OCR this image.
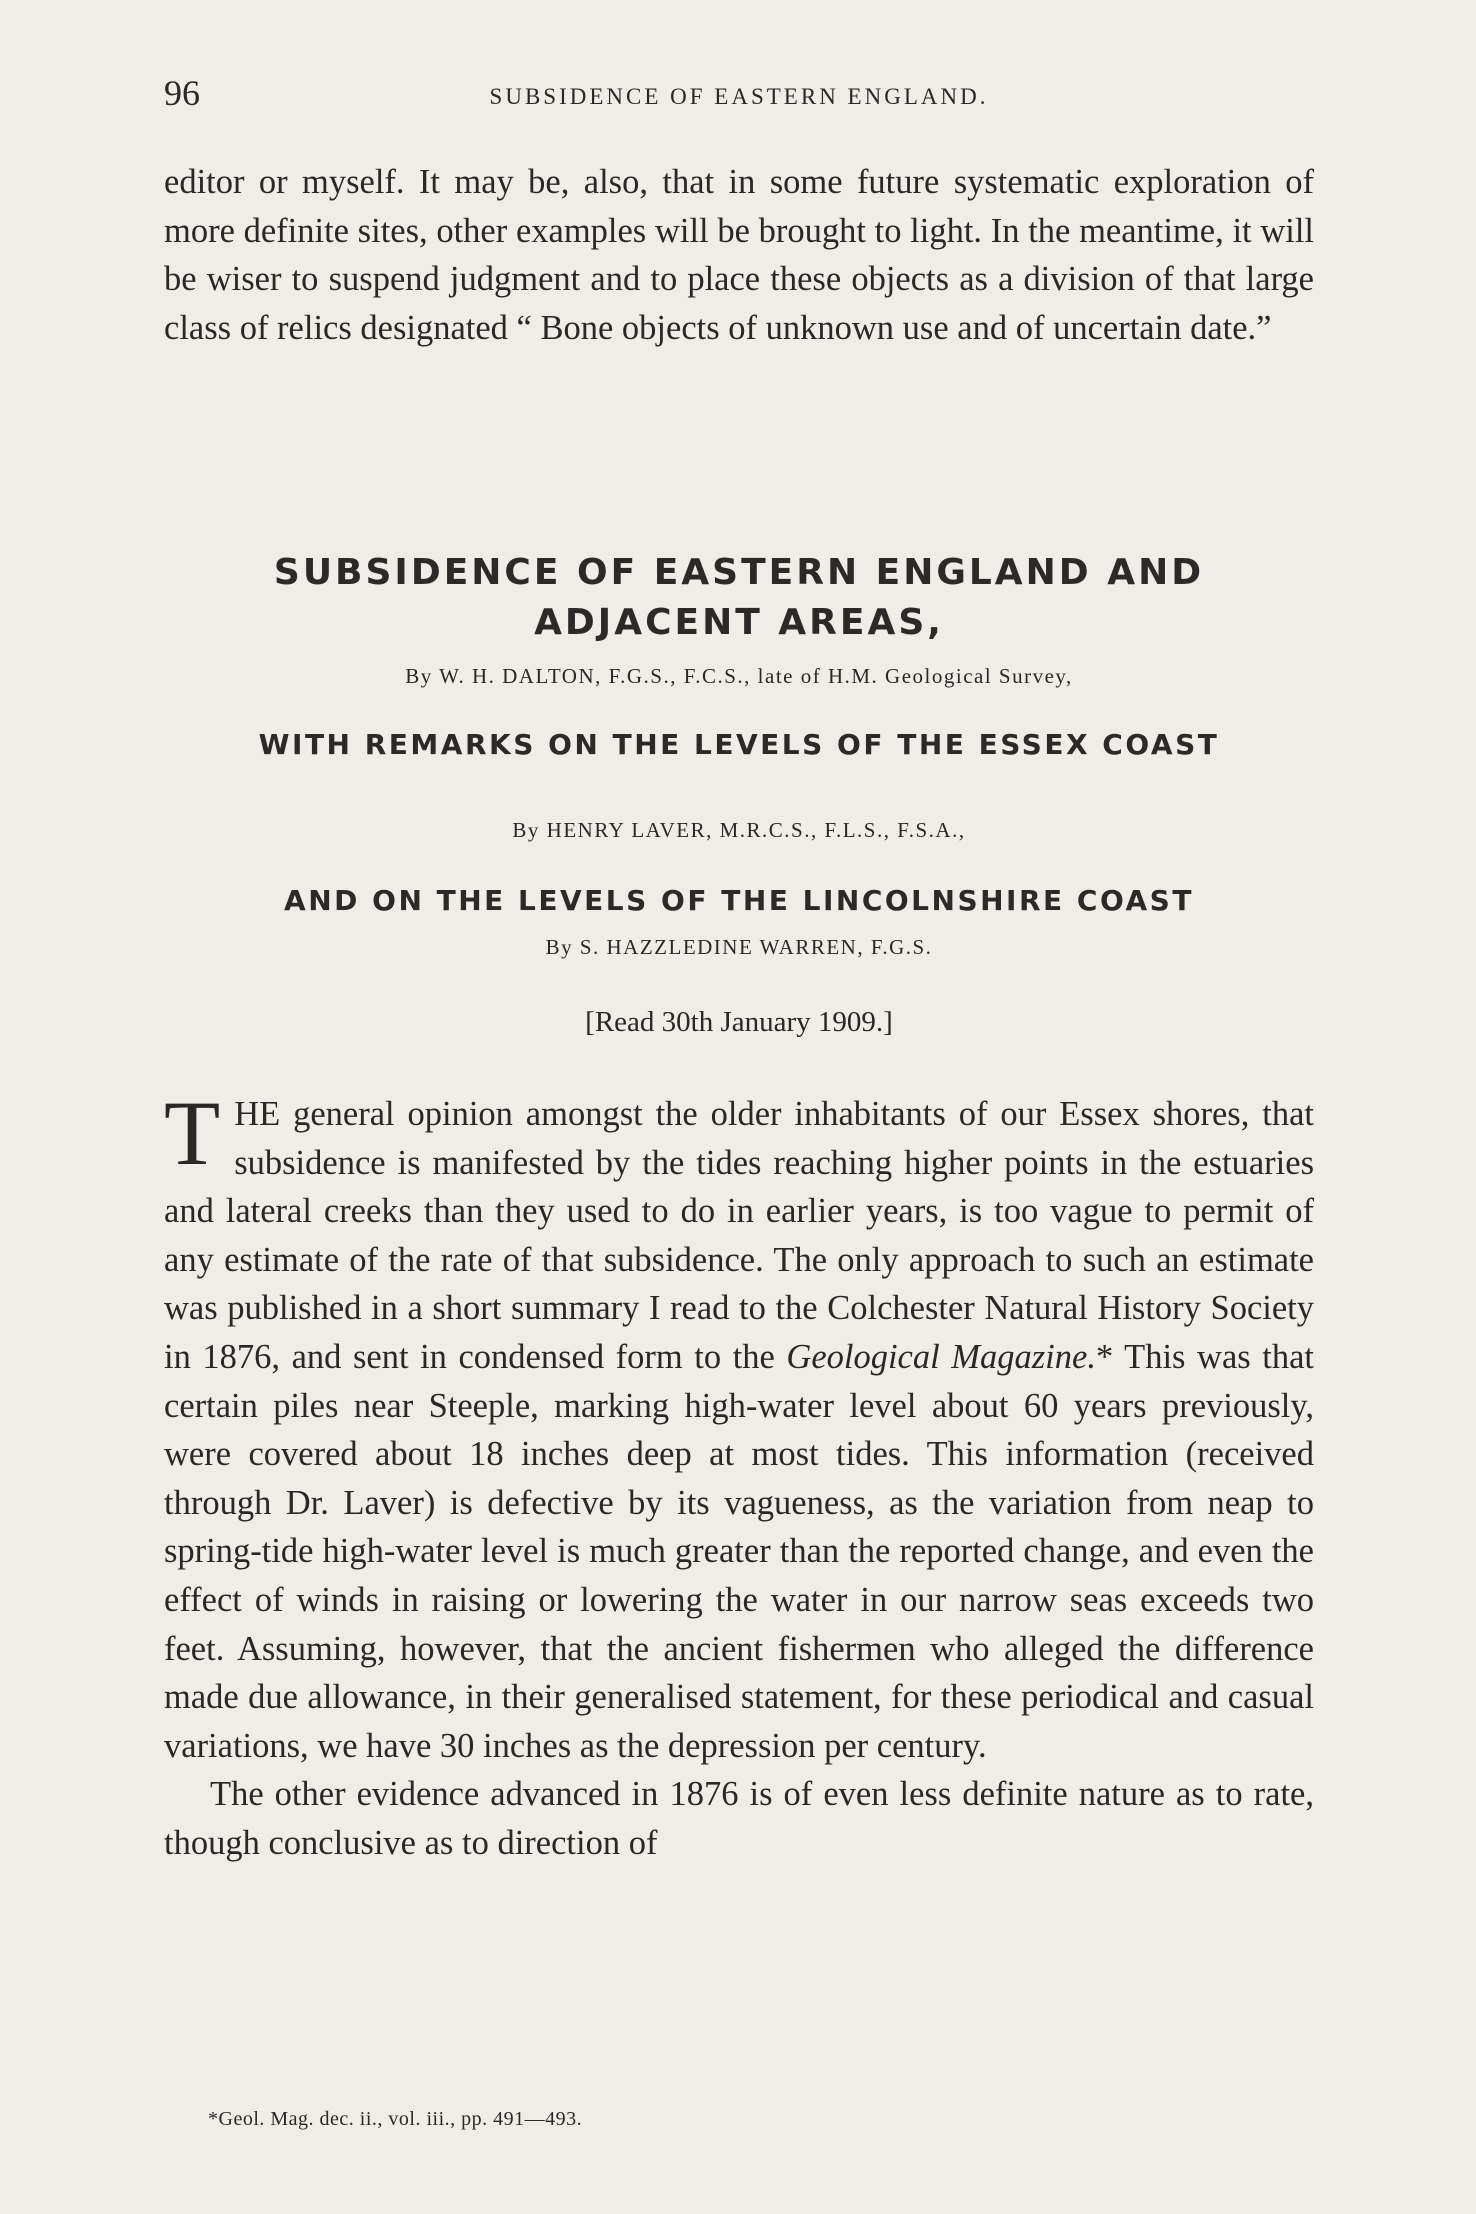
96	SUBSIDENCE OF EASTERN ENGLAND.

editor or myself. It may be, also, that in some future systematic exploration of more definite sites, other examples will be brought to light. In the meantime, it will be wiser to suspend judgment and to place these objects as a division of that large class of relics designated “ Bone objects of unknown use and of uncertain date.”

SUBSIDENCE OF EASTERN ENGLAND AND
ADJACENT AREAS,
By W. H. DALTON, F.G.S., F.C.S., late of H.M. Geological Survey,
WITH REMARKS ON THE LEVELS OF THE ESSEX COAST
By HENRY LAVER, M.R.C.S., F.L.S., F.S.A.,
AND ON THE LEVELS OF THE LINCOLNSHIRE COAST
By S. HAZZLEDINE WARREN, F.G.S.
[Read 30th January 1909.]

THE general opinion amongst the older inhabitants of our Essex shores, that subsidence is manifested by the tides reaching higher points in the estuaries and lateral creeks than they used to do in earlier years, is too vague to permit of any estimate of the rate of that subsidence. The only approach to such an estimate was published in a short summary I read to the Colchester Natural History Society in 1876, and sent in condensed form to the Geological Magazine.* This was that certain piles near Steeple, marking high-water level about 60 years previously, were covered about 18 inches deep at most tides. This information (received through Dr. Laver) is defective by its vagueness, as the variation from neap to spring-tide high-water level is much greater than the reported change, and even the effect of winds in raising or lowering the water in our narrow seas exceeds two feet. Assuming, however, that the ancient fishermen who alleged the difference made due allowance, in their generalised statement, for these periodical and casual variations, we have 30 inches as the depression per century.

The other evidence advanced in 1876 is of even less definite nature as to rate, though conclusive as to direction of

*Geol. Mag. dec. ii., vol. iii., pp. 491—493.
